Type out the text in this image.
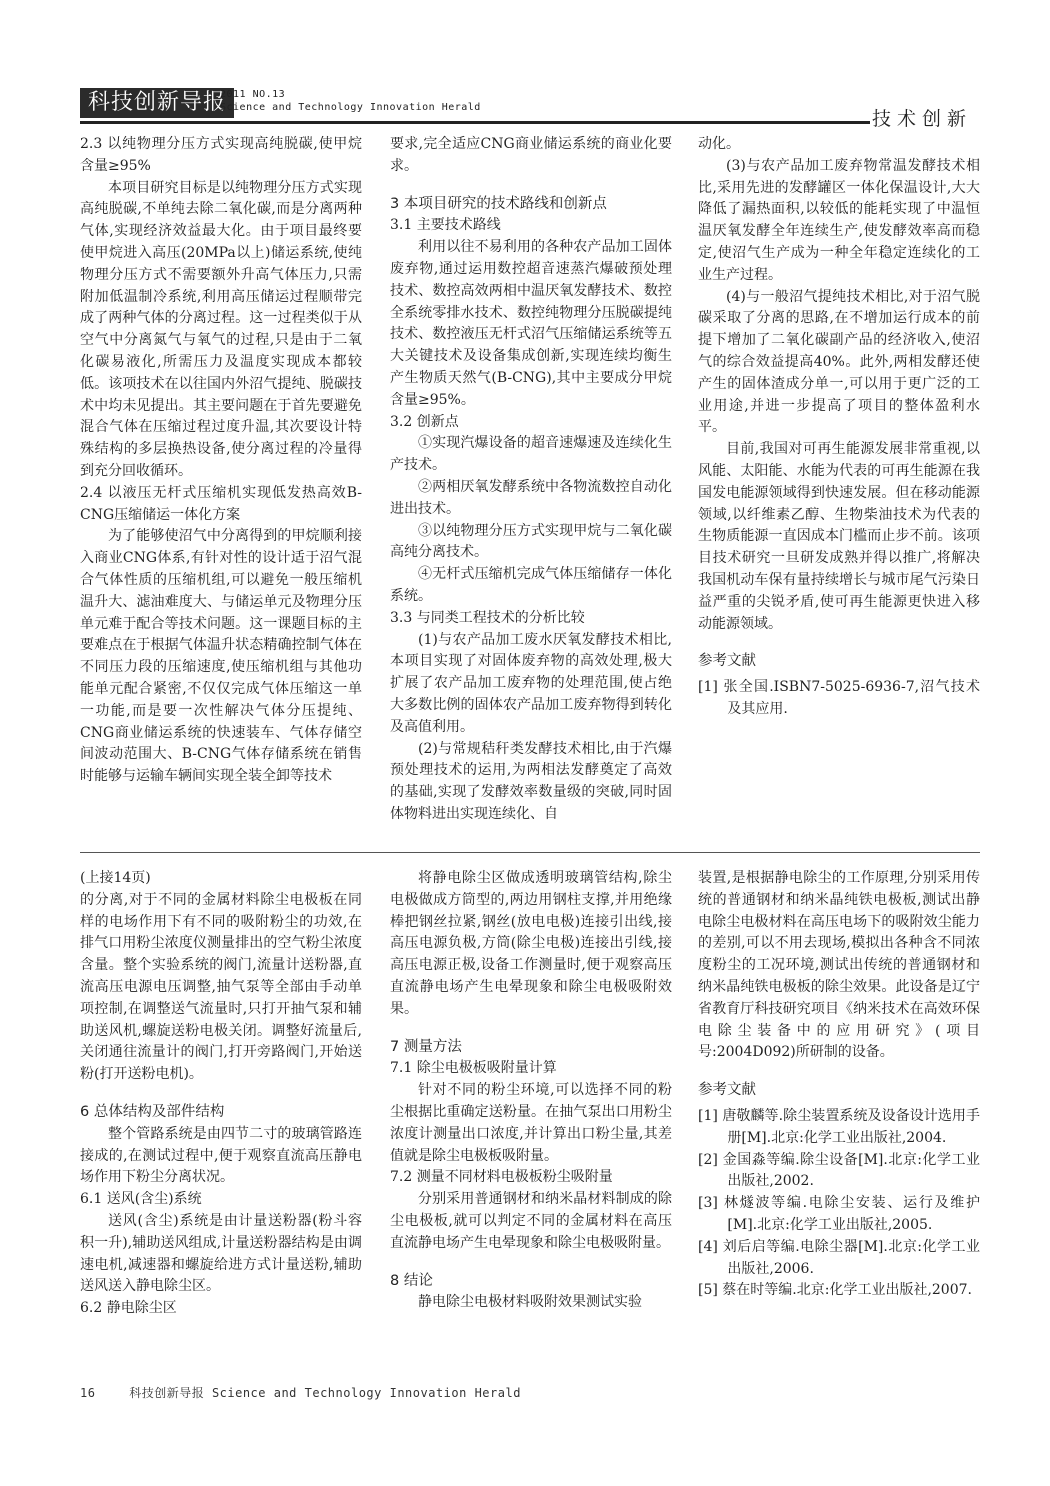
科技创新导报
2011 NO.13
Science and Technology Innovation Herald
技术创新

2.3 以纯物理分压方式实现高纯脱碳,使甲烷含量≥95%

本项目研究目标是以纯物理分压方式实现高纯脱碳,不单纯去除二氧化碳,而是分离两种气体,实现经济效益最大化。由于项目最终要使甲烷进入高压(20MPa以上)储运系统,使纯物理分压方式不需要额外升高气体压力,只需附加低温制冷系统,利用高压储运过程顺带完成了两种气体的分离过程。这一过程类似于从空气中分离氮气与氧气的过程,只是由于二氧化碳易液化,所需压力及温度实现成本都较低。该项技术在以往国内外沼气提纯、脱碳技术中均未见提出。其主要问题在于首先要避免混合气体在压缩过程过度升温,其次要设计特殊结构的多层换热设备,使分离过程的冷量得到充分回收循环。

2.4 以液压无杆式压缩机实现低发热高效B-CNG压缩储运一体化方案

为了能够使沼气中分离得到的甲烷顺利接入商业CNG体系,有针对性的设计适于沼气混合气体性质的压缩机组,可以避免一般压缩机温升大、滤油难度大、与储运单元及物理分压单元难于配合等技术问题。这一课题目标的主要难点在于根据气体温升状态精确控制气体在不同压力段的压缩速度,使压缩机组与其他功能单元配合紧密,不仅仅完成气体压缩这一单一功能,而是要一次性解决气体分压提纯、CNG商业储运系统的快速装车、气体存储空间波动范围大、B-CNG气体存储系统在销售时能够与运输车辆间实现全装全卸等技术

要求,完全适应CNG商业储运系统的商业化要求。

3 本项目研究的技术路线和创新点

3.1 主要技术路线

利用以往不易利用的各种农产品加工固体废弃物,通过运用数控超音速蒸汽爆破预处理技术、数控高效两相中温厌氧发酵技术、数控全系统零排水技术、数控纯物理分压脱碳提纯技术、数控液压无杆式沼气压缩储运系统等五大关键技术及设备集成创新,实现连续均衡生产生物质天然气(B-CNG),其中主要成分甲烷含量≥95%。

3.2 创新点

①实现汽爆设备的超音速爆速及连续化生产技术。

②两相厌氧发酵系统中各物流数控自动化进出技术。

③以纯物理分压方式实现甲烷与二氧化碳高纯分离技术。

④无杆式压缩机完成气体压缩储存一体化系统。

3.3 与同类工程技术的分析比较

(1)与农产品加工废水厌氧发酵技术相比,本项目实现了对固体废弃物的高效处理,极大扩展了农产品加工废弃物的处理范围,使占绝大多数比例的固体农产品加工废弃物得到转化及高值利用。

(2)与常规秸秆类发酵技术相比,由于汽爆预处理技术的运用,为两相法发酵奠定了高效的基础,实现了发酵效率数量级的突破,同时固体物料进出实现连续化、自

动化。

(3)与农产品加工废弃物常温发酵技术相比,采用先进的发酵罐区一体化保温设计,大大降低了漏热面积,以较低的能耗实现了中温恒温厌氧发酵全年连续生产,使发酵效率高而稳定,使沼气生产成为一种全年稳定连续化的工业生产过程。

(4)与一般沼气提纯技术相比,对于沼气脱碳采取了分离的思路,在不增加运行成本的前提下增加了二氧化碳副产品的经济收入,使沼气的综合效益提高40%。此外,两相发酵还使产生的固体渣成分单一,可以用于更广泛的工业用途,并进一步提高了项目的整体盈利水平。

目前,我国对可再生能源发展非常重视,以风能、太阳能、水能为代表的可再生能源在我国发电能源领域得到快速发展。但在移动能源领域,以纤维素乙醇、生物柴油技术为代表的生物质能源一直因成本门槛而止步不前。该项目技术研究一旦研发成熟并得以推广,将解决我国机动车保有量持续增长与城市尾气污染日益严重的尖锐矛盾,使可再生能源更快进入移动能源领域。

参考文献

[1] 张全国.ISBN7-5025-6936-7,沼气技术及其应用.

(上接14页)

的分离,对于不同的金属材料除尘电极板在同样的电场作用下有不同的吸附粉尘的功效,在排气口用粉尘浓度仪测量排出的空气粉尘浓度含量。整个实验系统的阀门,流量计送粉器,直流高压电源电压调整,抽气泵等全部由手动单项控制,在调整送气流量时,只打开抽气泵和辅助送风机,螺旋送粉电极关闭。调整好流量后,关闭通往流量计的阀门,打开旁路阀门,开始送粉(打开送粉电机)。

6 总体结构及部件结构

整个管路系统是由四节二寸的玻璃管路连接成的,在测试过程中,便于观察直流高压静电场作用下粉尘分离状况。

6.1 送风(含尘)系统

送风(含尘)系统是由计量送粉器(粉斗容积一升),辅助送风组成,计量送粉器结构是由调速电机,减速器和螺旋给进方式计量送粉,辅助送风送入静电除尘区。

6.2 静电除尘区

将静电除尘区做成透明玻璃管结构,除尘电极做成方筒型的,两边用钢柱支撑,并用绝缘棒把钢丝拉紧,钢丝(放电电极)连接引出线,接高压电源负极,方筒(除尘电极)连接出引线,接高压电源正极,设备工作测量时,便于观察高压直流静电场产生电晕现象和除尘电极吸附效果。

7 测量方法

7.1 除尘电极板吸附量计算

针对不同的粉尘环境,可以选择不同的粉尘根据比重确定送粉量。在抽气泵出口用粉尘浓度计测量出口浓度,并计算出口粉尘量,其差值就是除尘电极板吸附量。

7.2 测量不同材料电极板粉尘吸附量

分别采用普通钢材和纳米晶材料制成的除尘电极板,就可以判定不同的金属材料在高压直流静电场产生电晕现象和除尘电极吸附量。

8 结论

静电除尘电极材料吸附效果测试实验

装置,是根据静电除尘的工作原理,分别采用传统的普通钢材和纳米晶纯铁电极板,测试出静电除尘电极材料在高压电场下的吸附效尘能力的差别,可以不用去现场,模拟出各种含不同浓度粉尘的工况环境,测试出传统的普通钢材和纳米晶纯铁电极板的除尘效果。此设备是辽宁省教育厅科技研究项目《纳米技术在高效环保电除尘装备中的应用研究》(项目号:2004D092)所研制的设备。

参考文献

[1] 唐敬麟等.除尘装置系统及设备设计选用手册[M].北京:化学工业出版社,2004.

[2] 金国淼等编.除尘设备[M].北京:化学工业出版社,2002.

[3] 林燧波等编.电除尘安装、运行及维护[M].北京:化学工业出版社,2005.

[4] 刘后启等编.电除尘器[M].北京:化学工业出版社,2006.

[5] 蔡在时等编.北京:化学工业出版社,2007.

16	科技创新导报 Science and Technology Innovation Herald
